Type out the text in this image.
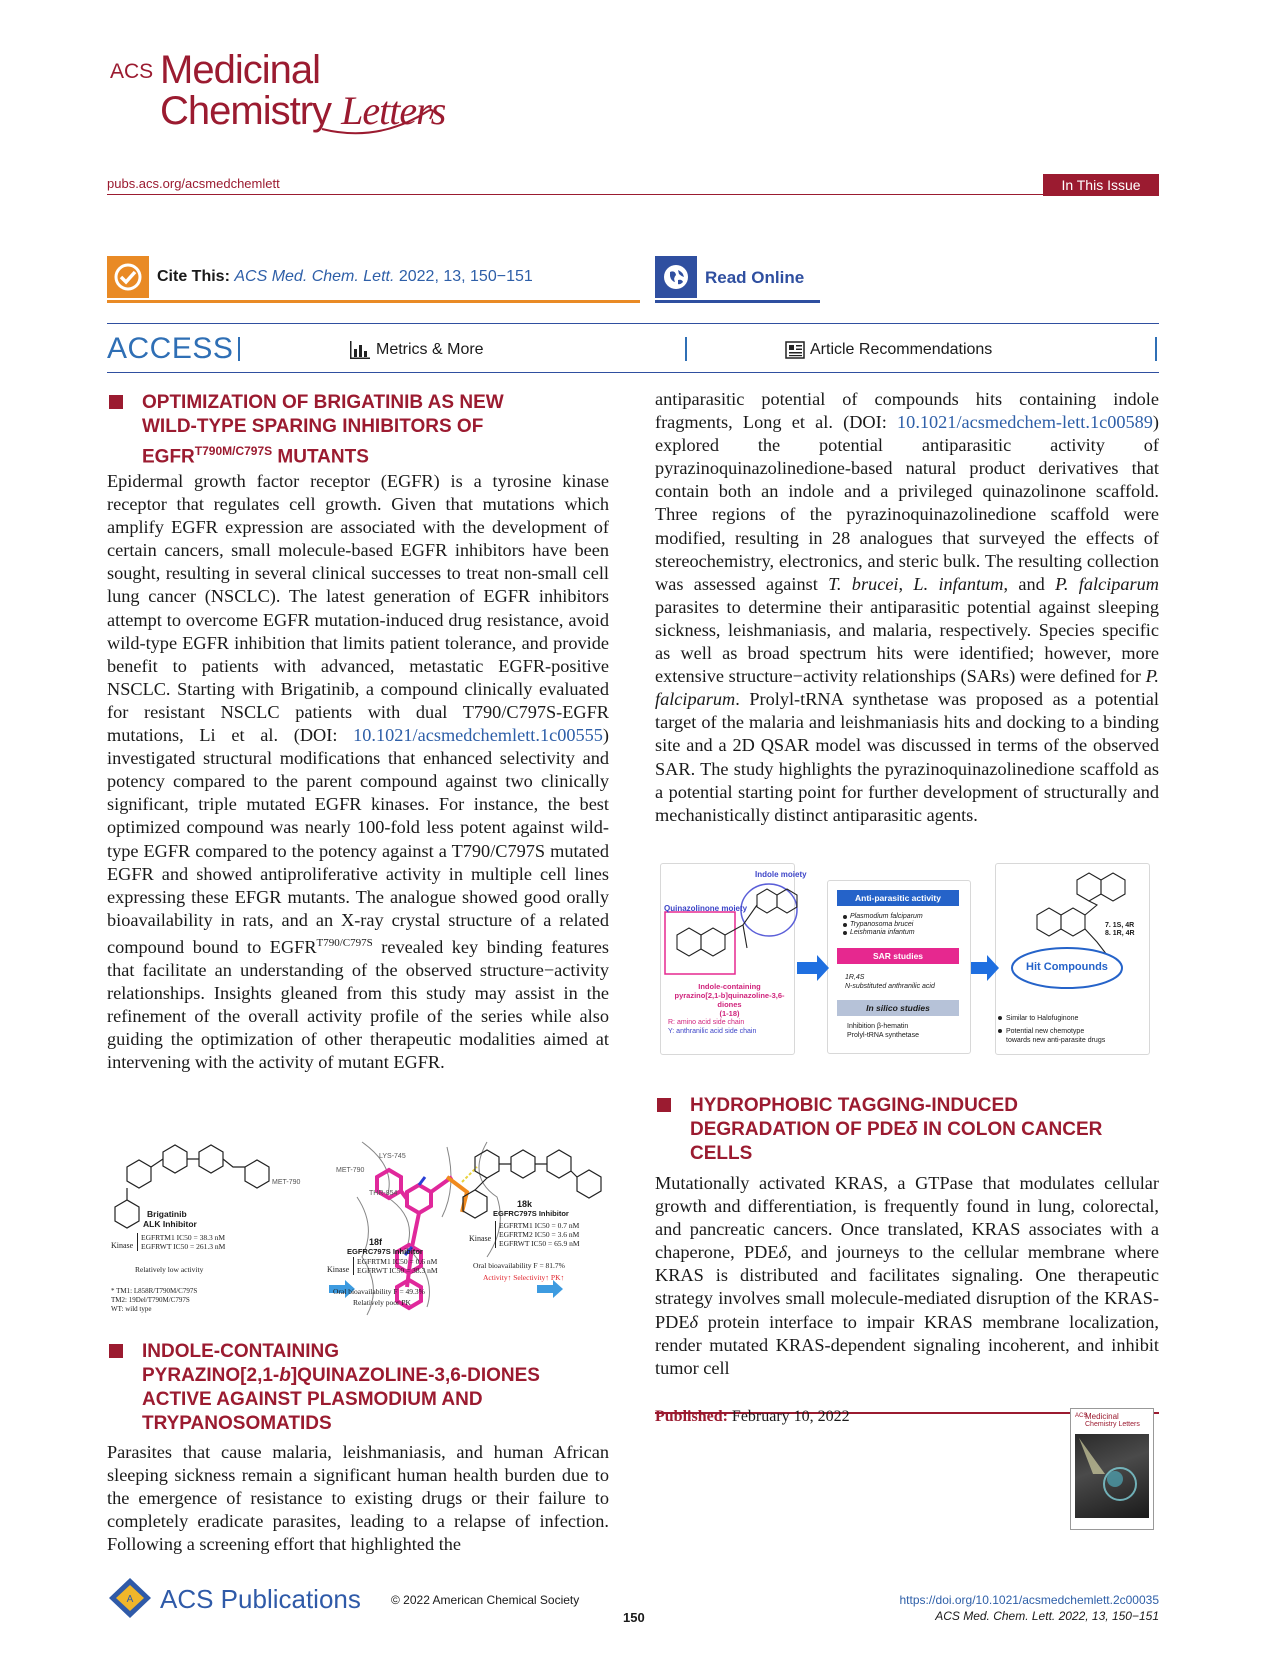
ACS Medicinal
Chemistry Letters
pubs.acs.org/acsmedchemlett	In This Issue
Cite This: ACS Med. Chem. Lett. 2022, 13, 150−151	Read Online
ACCESS	Metrics & More	Article Recommendations
OPTIMIZATION OF BRIGATINIB AS NEW
WILD-TYPE SPARING INHIBITORS OF
$EGFR^{T790M/C797S}$ MUTANTS
Epidermal growth factor receptor (EGFR) is a tyrosine kinase receptor that regulates cell growth. Given that mutations which amplify EGFR expression are associated with the development of certain cancers, small molecule-based EGFR inhibitors have been sought, resulting in several clinical successes to treat non-small cell lung cancer (NSCLC). The latest generation of EGFR inhibitors attempt to overcome EGFR mutation-induced drug resistance, avoid wild-type EGFR inhibition that limits patient tolerance, and provide benefit to patients with advanced, metastatic EGFR-positive NSCLC. Starting with Brigatinib, a compound clinically evaluated for resistant NSCLC patients with dual T790/C797S-EGFR mutations, Li et al. (DOI: 10.1021/acsmedchemlett.1c00555) investigated structural modifications that enhanced selectivity and potency compared to the parent compound against two clinically significant, triple mutated EGFR kinases. For instance, the best optimized compound was nearly 100-fold less potent against wild-type EGFR compared to the potency against a T790/C797S mutated EGFR and showed antiproliferative activity in multiple cell lines expressing these EFGR mutants. The analogue showed good orally bioavailability in rats, and an X-ray crystal structure of a related compound bound to $EGFR^{T790/C797S}$ revealed key binding features that facilitate an understanding of the observed structure−activity relationships. Insights gleaned from this study may assist in the refinement of the overall activity profile of the series while also guiding the optimization of other therapeutic modalities aimed at intervening with the activity of mutant EGFR.
Brigatinib
ALK Inhibitor
Kinase
EGFRTM1 IC50 = 38.3 nM
EGFRWT IC50 = 261.3 nM
Relatively low activity
* TM1: L858R/T790M/C797S
TM2: 19Del/T790M/C797S
WT: wild type
MET-790
MET-790
LYS-745
THR-854
18f
EGFRC797S Inhibitor
Kinase
EGFRTM1 IC50 = 0.6 nM
EGFRWT IC50 = 38.3 nM
Oral bioavailability F = 49.3%
Relatively poor PK
18k
EGFRC797S Inhibitor
Kinase
EGFRTM1 IC50 = 0.7 nM
EGFRTM2 IC50 = 3.6 nM
EGFRWT IC50 = 65.9 nM
Oral bioavailability F = 81.7%
Activity↑ Selectivity↑ PK↑
INDOLE-CONTAINING
PYRAZINO[2,1-b]QUINAZOLINE-3,6-DIONES
ACTIVE AGAINST PLASMODIUM AND
TRYPANOSOMATIDS
Parasites that cause malaria, leishmaniasis, and human African sleeping sickness remain a significant human health burden due to the emergence of resistance to existing drugs or their failure to completely eradicate parasites, leading to a relapse of infection. Following a screening effort that highlighted the
antiparasitic potential of compounds hits containing indole fragments, Long et al. (DOI: 10.1021/acsmedchem-lett.1c00589) explored the potential antiparasitic activity of pyrazinoquinazolinedione-based natural product derivatives that contain both an indole and a privileged quinazolinone scaffold. Three regions of the pyrazinoquinazolinedione scaffold were modified, resulting in 28 analogues that surveyed the effects of stereochemistry, electronics, and steric bulk. The resulting collection was assessed against T. brucei, L. infantum, and P. falciparum parasites to determine their antiparasitic potential against sleeping sickness, leishmaniasis, and malaria, respectively. Species specific as well as broad spectrum hits were identified; however, more extensive structure−activity relationships (SARs) were defined for P. falciparum. Prolyl-tRNA synthetase was proposed as a potential target of the malaria and leishmaniasis hits and docking to a binding site and a 2D QSAR model was discussed in terms of the observed SAR. The study highlights the pyrazinoquinazolinedione scaffold as a potential starting point for further development of structurally and mechanistically distinct antiparasitic agents.
Indole moiety
Quinazolinone moiety
Indole-containing
pyrazino[2,1-b]quinazoline-3,6-diones
(1-18)
R: amino acid side chain
Y: anthranilic acid side chain
Anti-parasitic activity
Plasmodium falciparum
Trypanosoma brucei
Leishmania infantum
SAR studies
1R,4S
N-substituted anthranilic acid
In silico studies
Inhibition β-hematin
Prolyl-tRNA synthetase
7. 1S, 4R
8. 1R, 4R
Hit Compounds
Similar to Halofuginone
Potential new chemotype
towards new anti-parasite drugs
HYDROPHOBIC TAGGING-INDUCED
DEGRADATION OF PDEδ IN COLON CANCER
CELLS
Mutationally activated KRAS, a GTPase that modulates cellular growth and differentiation, is frequently found in lung, colorectal, and pancreatic cancers. Once translated, KRAS associates with a chaperone, PDEδ, and journeys to the cellular membrane where KRAS is distributed and facilitates signaling. One therapeutic strategy involves small molecule-mediated disruption of the KRAS-PDEδ protein interface to impair KRAS membrane localization, render mutated KRAS-dependent signaling incoherent, and inhibit tumor cell
Published: February 10, 2022	ACS
Medicinal
Chemistry Letters
A ACS Publications	© 2022 American Chemical Society
150
https://doi.org/10.1021/acsmedchemlett.2c00035
ACS Med. Chem. Lett. 2022, 13, 150−151
